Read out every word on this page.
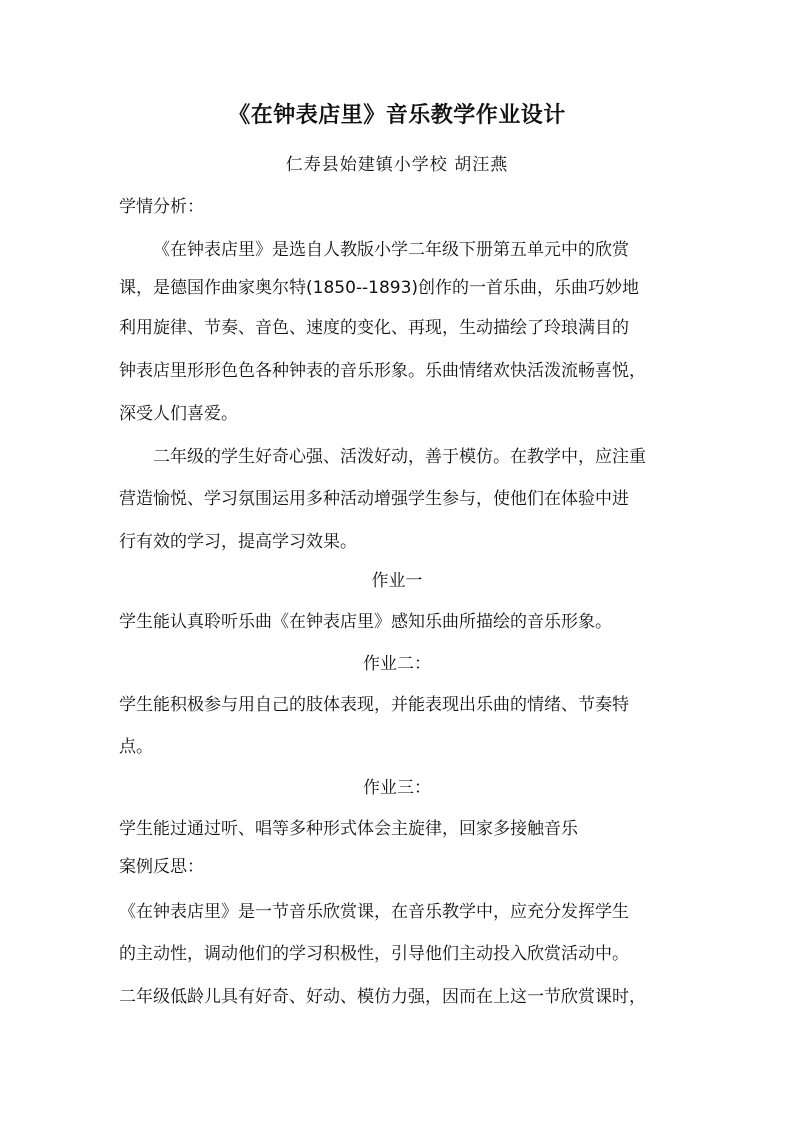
《在钟表店里》音乐教学作业设计
仁寿县始建镇小学校 胡汪燕
学情分析：
《在钟表店里》是选自人教版小学二年级下册第五单元中的欣赏
课，是德国作曲家奥尔特(1850--1893)创作的一首乐曲，乐曲巧妙地
利用旋律、节奏、音色、速度的变化、再现，生动描绘了玲琅满目的
钟表店里形形色色各种钟表的音乐形象。乐曲情绪欢快活泼流畅喜悦，
深受人们喜爱。
二年级的学生好奇心强、活泼好动，善于模仿。在教学中，应注重
营造愉悦、学习氛围运用多种活动增强学生参与，使他们在体验中进
行有效的学习，提高学习效果。
作业一
学生能认真聆听乐曲《在钟表店里》感知乐曲所描绘的音乐形象。
作业二：
学生能积极参与用自己的肢体表现，并能表现出乐曲的情绪、节奏特
点。
作业三：
学生能过通过听、唱等多种形式体会主旋律，回家多接触音乐
案例反思：
《在钟表店里》是一节音乐欣赏课，在音乐教学中，应充分发挥学生
的主动性，调动他们的学习积极性，引导他们主动投入欣赏活动中。
二年级低龄儿具有好奇、好动、模仿力强，因而在上这一节欣赏课时，
